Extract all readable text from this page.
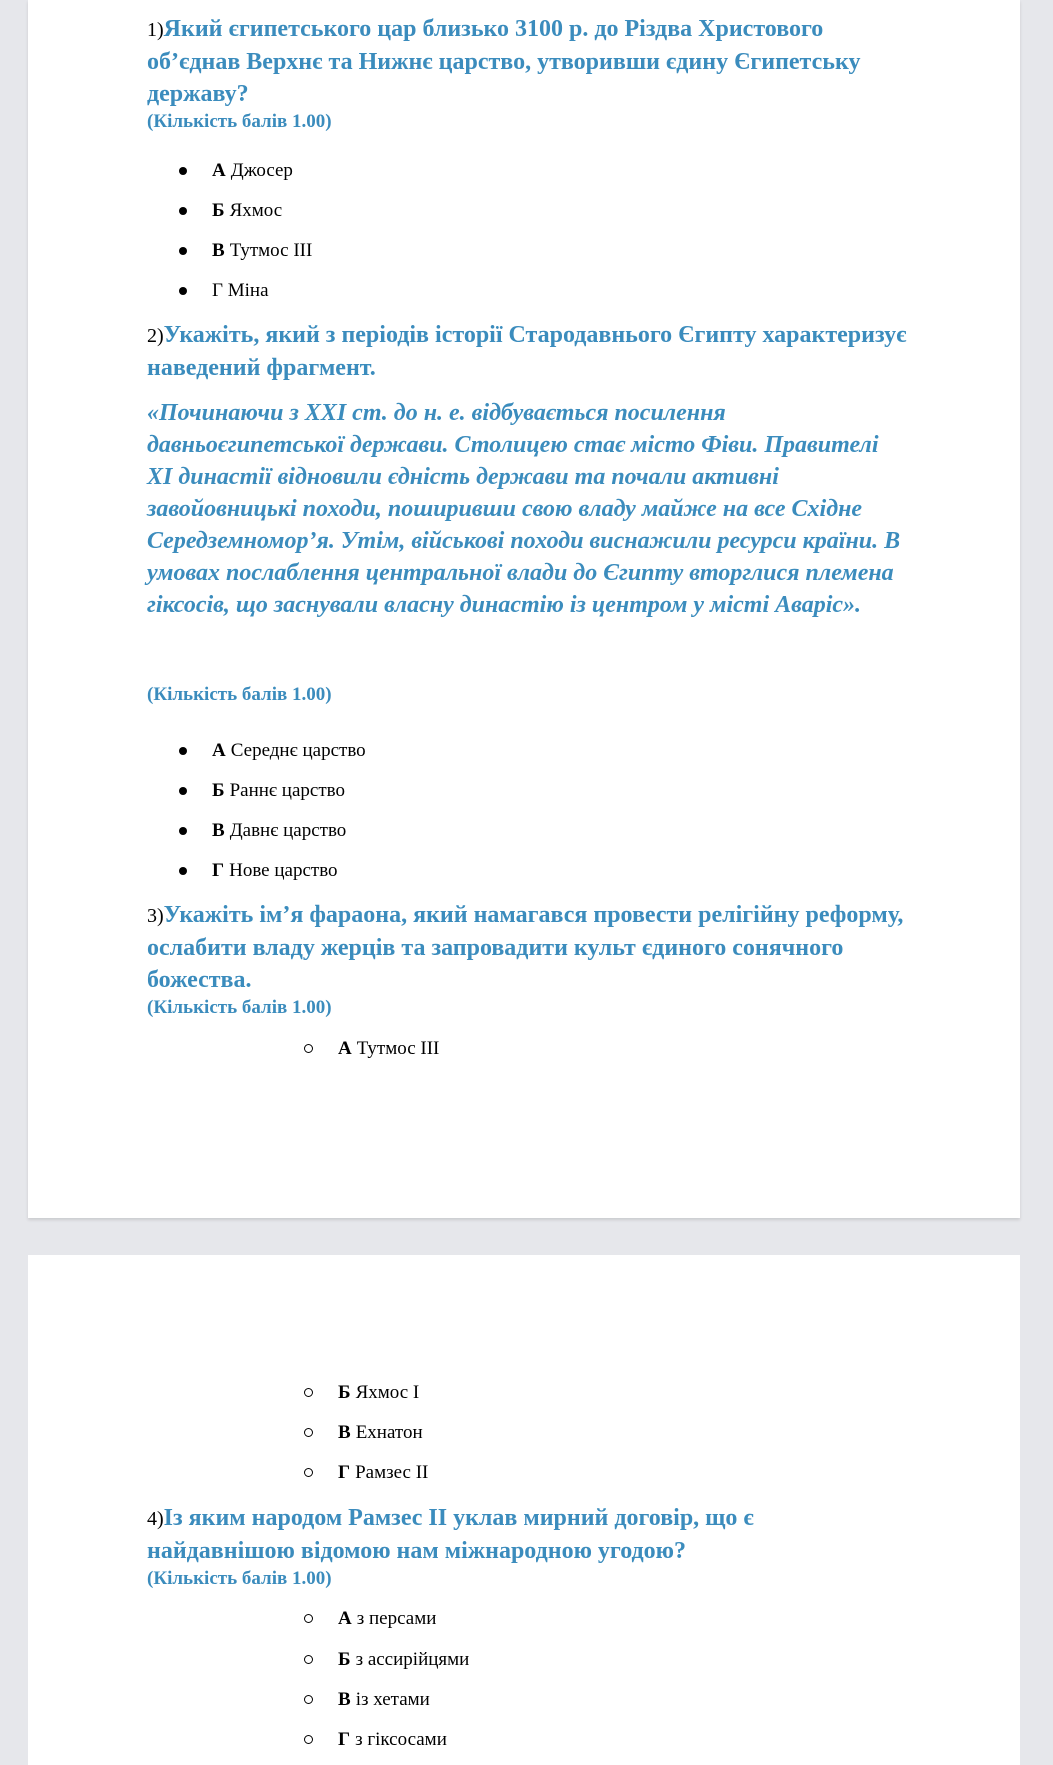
1)Який єгипетського цар близько 3100 р. до Різдва Христового об’єднав Верхнє та Нижнє царство, утворивши єдину Єгипетську державу?
(Кількість балів 1.00)
А Джосер
Б Яхмос
В Тутмос III
Г Міна
2)Укажіть, який з періодів історії Стародавнього Єгипту характеризує наведений фрагмент.
«Починаючи з XXI ст. до н. е. відбувається посилення давньоєгипетської держави. Столицею стає місто Фіви. Правителі XI династії відновили єдність держави та почали активні завойовницькі походи, поширивши свою владу майже на все Східне Середземномор’я. Утім, військові походи виснажили ресурси країни. В умовах послаблення центральної влади до Єгипту вторглися племена гіксосів, що заснували власну династію із центром у місті Аваріс».
(Кількість балів 1.00)
А Середнє царство
Б Раннє царство
В Давнє царство
Г Нове царство
3)Укажіть ім’я фараона, який намагався провести релігійну реформу, ослабити владу жерців та запровадити культ єдиного сонячного божества.
(Кількість балів 1.00)
А Тутмос III
Б Яхмос I
В Ехнатон
Г Рамзес II
4)Із яким народом Рамзес II уклав мирний договір, що є найдавнішою відомою нам міжнародною угодою?
(Кількість балів 1.00)
А з персами
Б з ассирійцями
В із хетами
Г з гіксосами
